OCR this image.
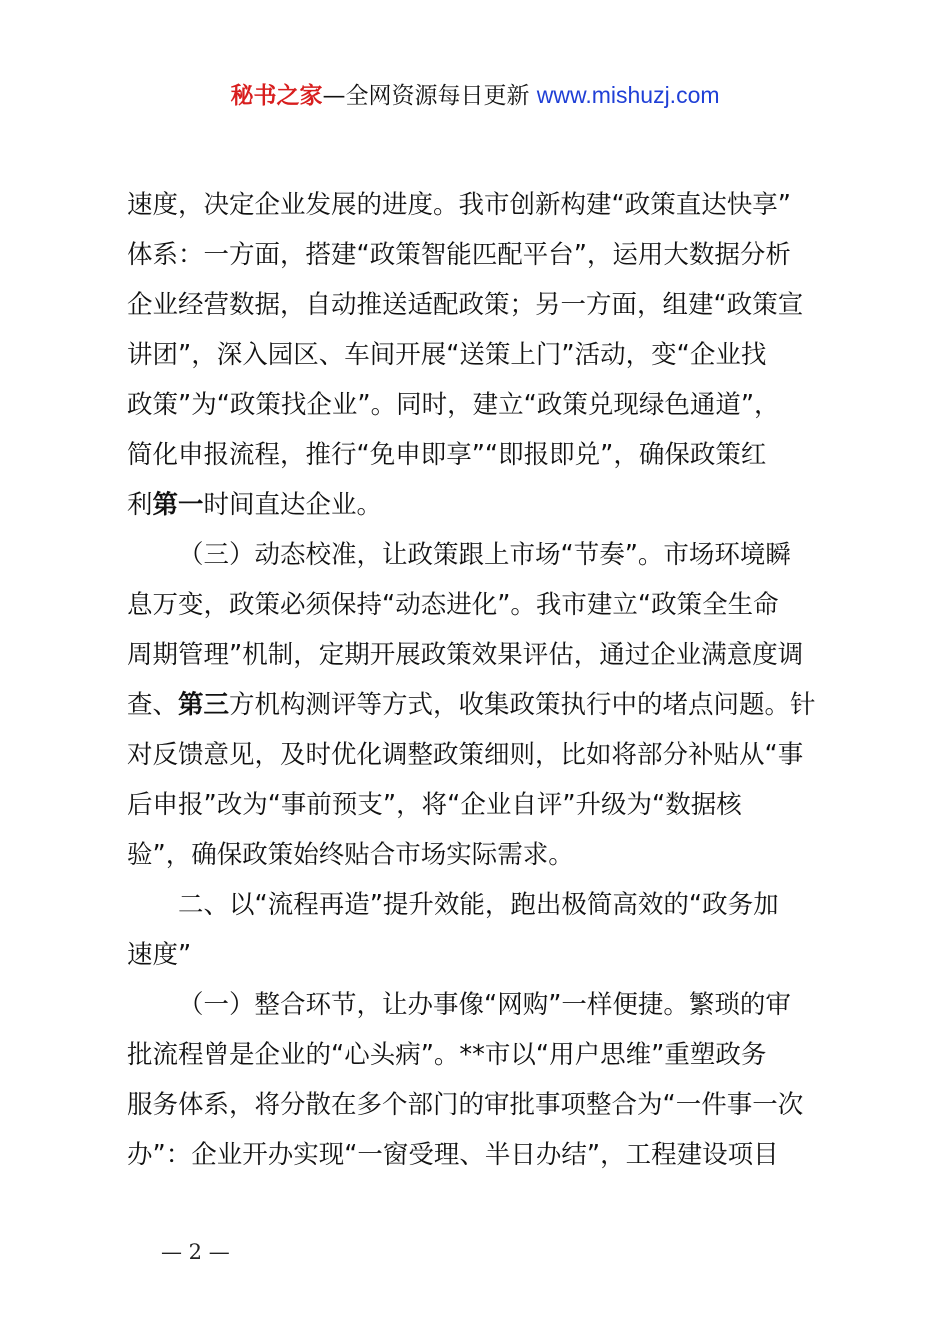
秘书之家—全网资源每日更新 www.mishuzj.com
速度，决定企业发展的进度。我市创新构建“政策直达快享”
体系：一方面，搭建“政策智能匹配平台”，运用大数据分析
企业经营数据，自动推送适配政策；另一方面，组建“政策宣
讲团”，深入园区、车间开展“送策上门”活动，变“企业找
政策”为“政策找企业”。同时，建立“政策兑现绿色通道”，
简化申报流程，推行“免申即享”“即报即兑”，确保政策红
利第一时间直达企业。
（三）动态校准，让政策跟上市场“节奏”。市场环境瞬
息万变，政策必须保持“动态进化”。我市建立“政策全生命
周期管理”机制，定期开展政策效果评估，通过企业满意度调
查、第三方机构测评等方式，收集政策执行中的堵点问题。针
对反馈意见，及时优化调整政策细则，比如将部分补贴从“事
后申报”改为“事前预支”，将“企业自评”升级为“数据核
验”，确保政策始终贴合市场实际需求。
二、以“流程再造”提升效能，跑出极简高效的“政务加
速度”
（一）整合环节，让办事像“网购”一样便捷。繁琐的审
批流程曾是企业的“心头病”。**市以“用户思维”重塑政务
服务体系，将分散在多个部门的审批事项整合为“一件事一次
办”：企业开办实现“一窗受理、半日办结”，工程建设项目
— 2 —
